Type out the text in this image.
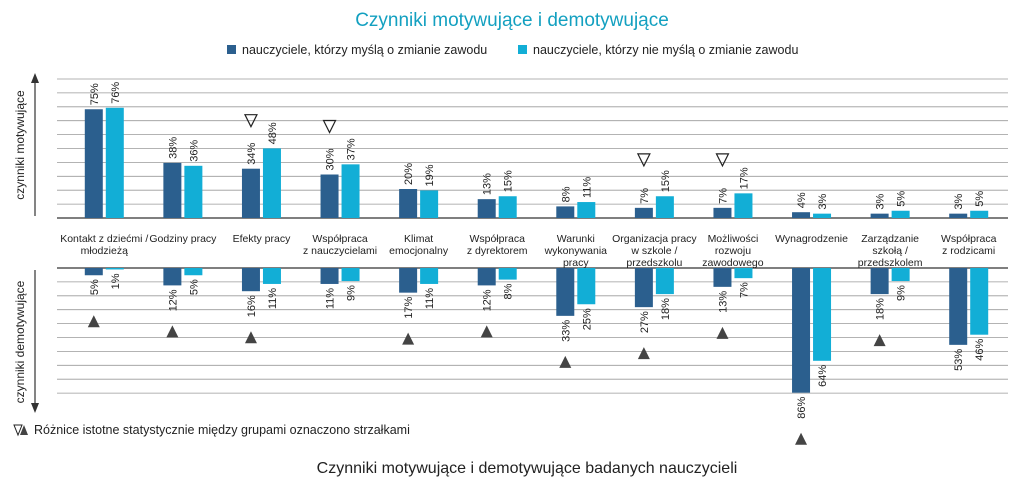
Czynniki motywujące i demotywujące
nauczyciele, którzy myślą o zmianie zawodu	nauczyciele, którzy nie myślą o zmianie zawodu
czynniki motywujące
czynniki demotywujące
75%
5%
76%
1%
38%
12%
36%
5%
34%
16%
48%
11%
30%
11%
37%
9%
20%
17%
19%
11%
13%
12%
15%
8%
8%
33%
11%
25%
7%
27%
15%
18%
7%
13%
17%
7%
4%
86%
3%
64%
3%
18%
5%
9%
3%
53%
5%
46%
Kontakt z dziećmi /
młodzieżą
Godziny pracy Efekty pracy Współpraca
z nauczycielami
Klimat
emocjonalny
Współpraca
z dyrektorem
Warunki
wykonywania
pracy
Organizacja pracy
w szkole /
przedszkolu
Możliwości
rozwoju
zawodowego
Wynagrodzenie Zarządzanie
szkołą /
przedszkolem
Współpraca
z rodzicami
Różnice istotne statystycznie między grupami oznaczono strzałkami
Czynniki motywujące i demotywujące badanych nauczycieli
